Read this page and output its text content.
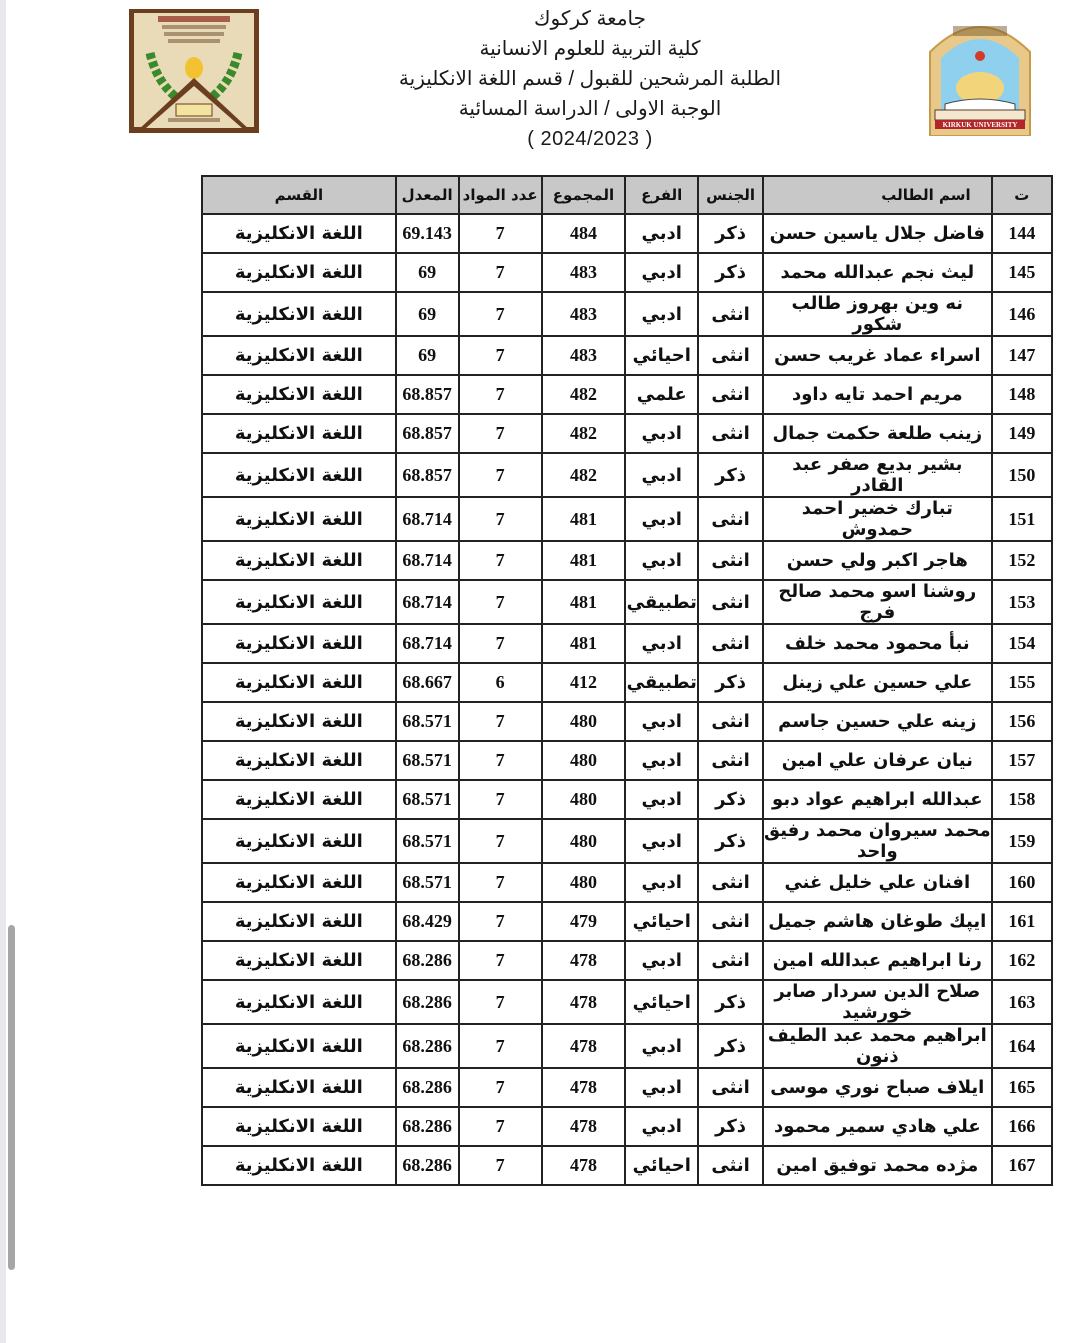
KIRKUK UNIVERSITY
جامعة كركوك
كلية التربية للعلوم الانسانية
الطلبة المرشحين للقبول / قسم اللغة الانكليزية
الوجبة الاولى / الدراسة المسائية
( 2024/2023 )
ت	اسم الطالب	الجنس	الفرع	المجموع	عدد المواد	المعدل	القسم
144	فاضل جلال ياسين حسن	ذكر	ادبي	484	7	69.143	اللغة الانكليزية
145	ليث نجم عبدالله محمد	ذكر	ادبي	483	7	69	اللغة الانكليزية
146	نه وين بهروز طالب شكور	انثى	ادبي	483	7	69	اللغة الانكليزية
147	اسراء عماد غريب حسن	انثى	احيائي	483	7	69	اللغة الانكليزية
148	مريم احمد تايه داود	انثى	علمي	482	7	68.857	اللغة الانكليزية
149	زينب طلعة حكمت جمال	انثى	ادبي	482	7	68.857	اللغة الانكليزية
150	بشير بديع صفر عبد القادر	ذكر	ادبي	482	7	68.857	اللغة الانكليزية
151	تبارك خضير احمد حمدوش	انثى	ادبي	481	7	68.714	اللغة الانكليزية
152	هاجر اكبر ولي حسن	انثى	ادبي	481	7	68.714	اللغة الانكليزية
153	روشنا اسو محمد صالح فرج	انثى	تطبيقي	481	7	68.714	اللغة الانكليزية
154	نبأ محمود محمد خلف	انثى	ادبي	481	7	68.714	اللغة الانكليزية
155	علي حسين علي زينل	ذكر	تطبيقي	412	6	68.667	اللغة الانكليزية
156	زينه علي حسين جاسم	انثى	ادبي	480	7	68.571	اللغة الانكليزية
157	نيان عرفان علي امين	انثى	ادبي	480	7	68.571	اللغة الانكليزية
158	عبدالله ابراهيم عواد دبو	ذكر	ادبي	480	7	68.571	اللغة الانكليزية
159	محمد سيروان محمد رفيق واحد	ذكر	ادبي	480	7	68.571	اللغة الانكليزية
160	افنان علي خليل غني	انثى	ادبي	480	7	68.571	اللغة الانكليزية
161	ايپك طوغان هاشم جميل	انثى	احيائي	479	7	68.429	اللغة الانكليزية
162	رنا ابراهيم عبدالله امين	انثى	ادبي	478	7	68.286	اللغة الانكليزية
163	صلاح الدين سردار صابر خورشيد	ذكر	احيائي	478	7	68.286	اللغة الانكليزية
164	ابراهيم محمد عبد الطيف ذنون	ذكر	ادبي	478	7	68.286	اللغة الانكليزية
165	ايلاف صباح نوري موسى	انثى	ادبي	478	7	68.286	اللغة الانكليزية
166	علي هادي سمير محمود	ذكر	ادبي	478	7	68.286	اللغة الانكليزية
167	مژده محمد توفيق امين	انثى	احيائي	478	7	68.286	اللغة الانكليزية
